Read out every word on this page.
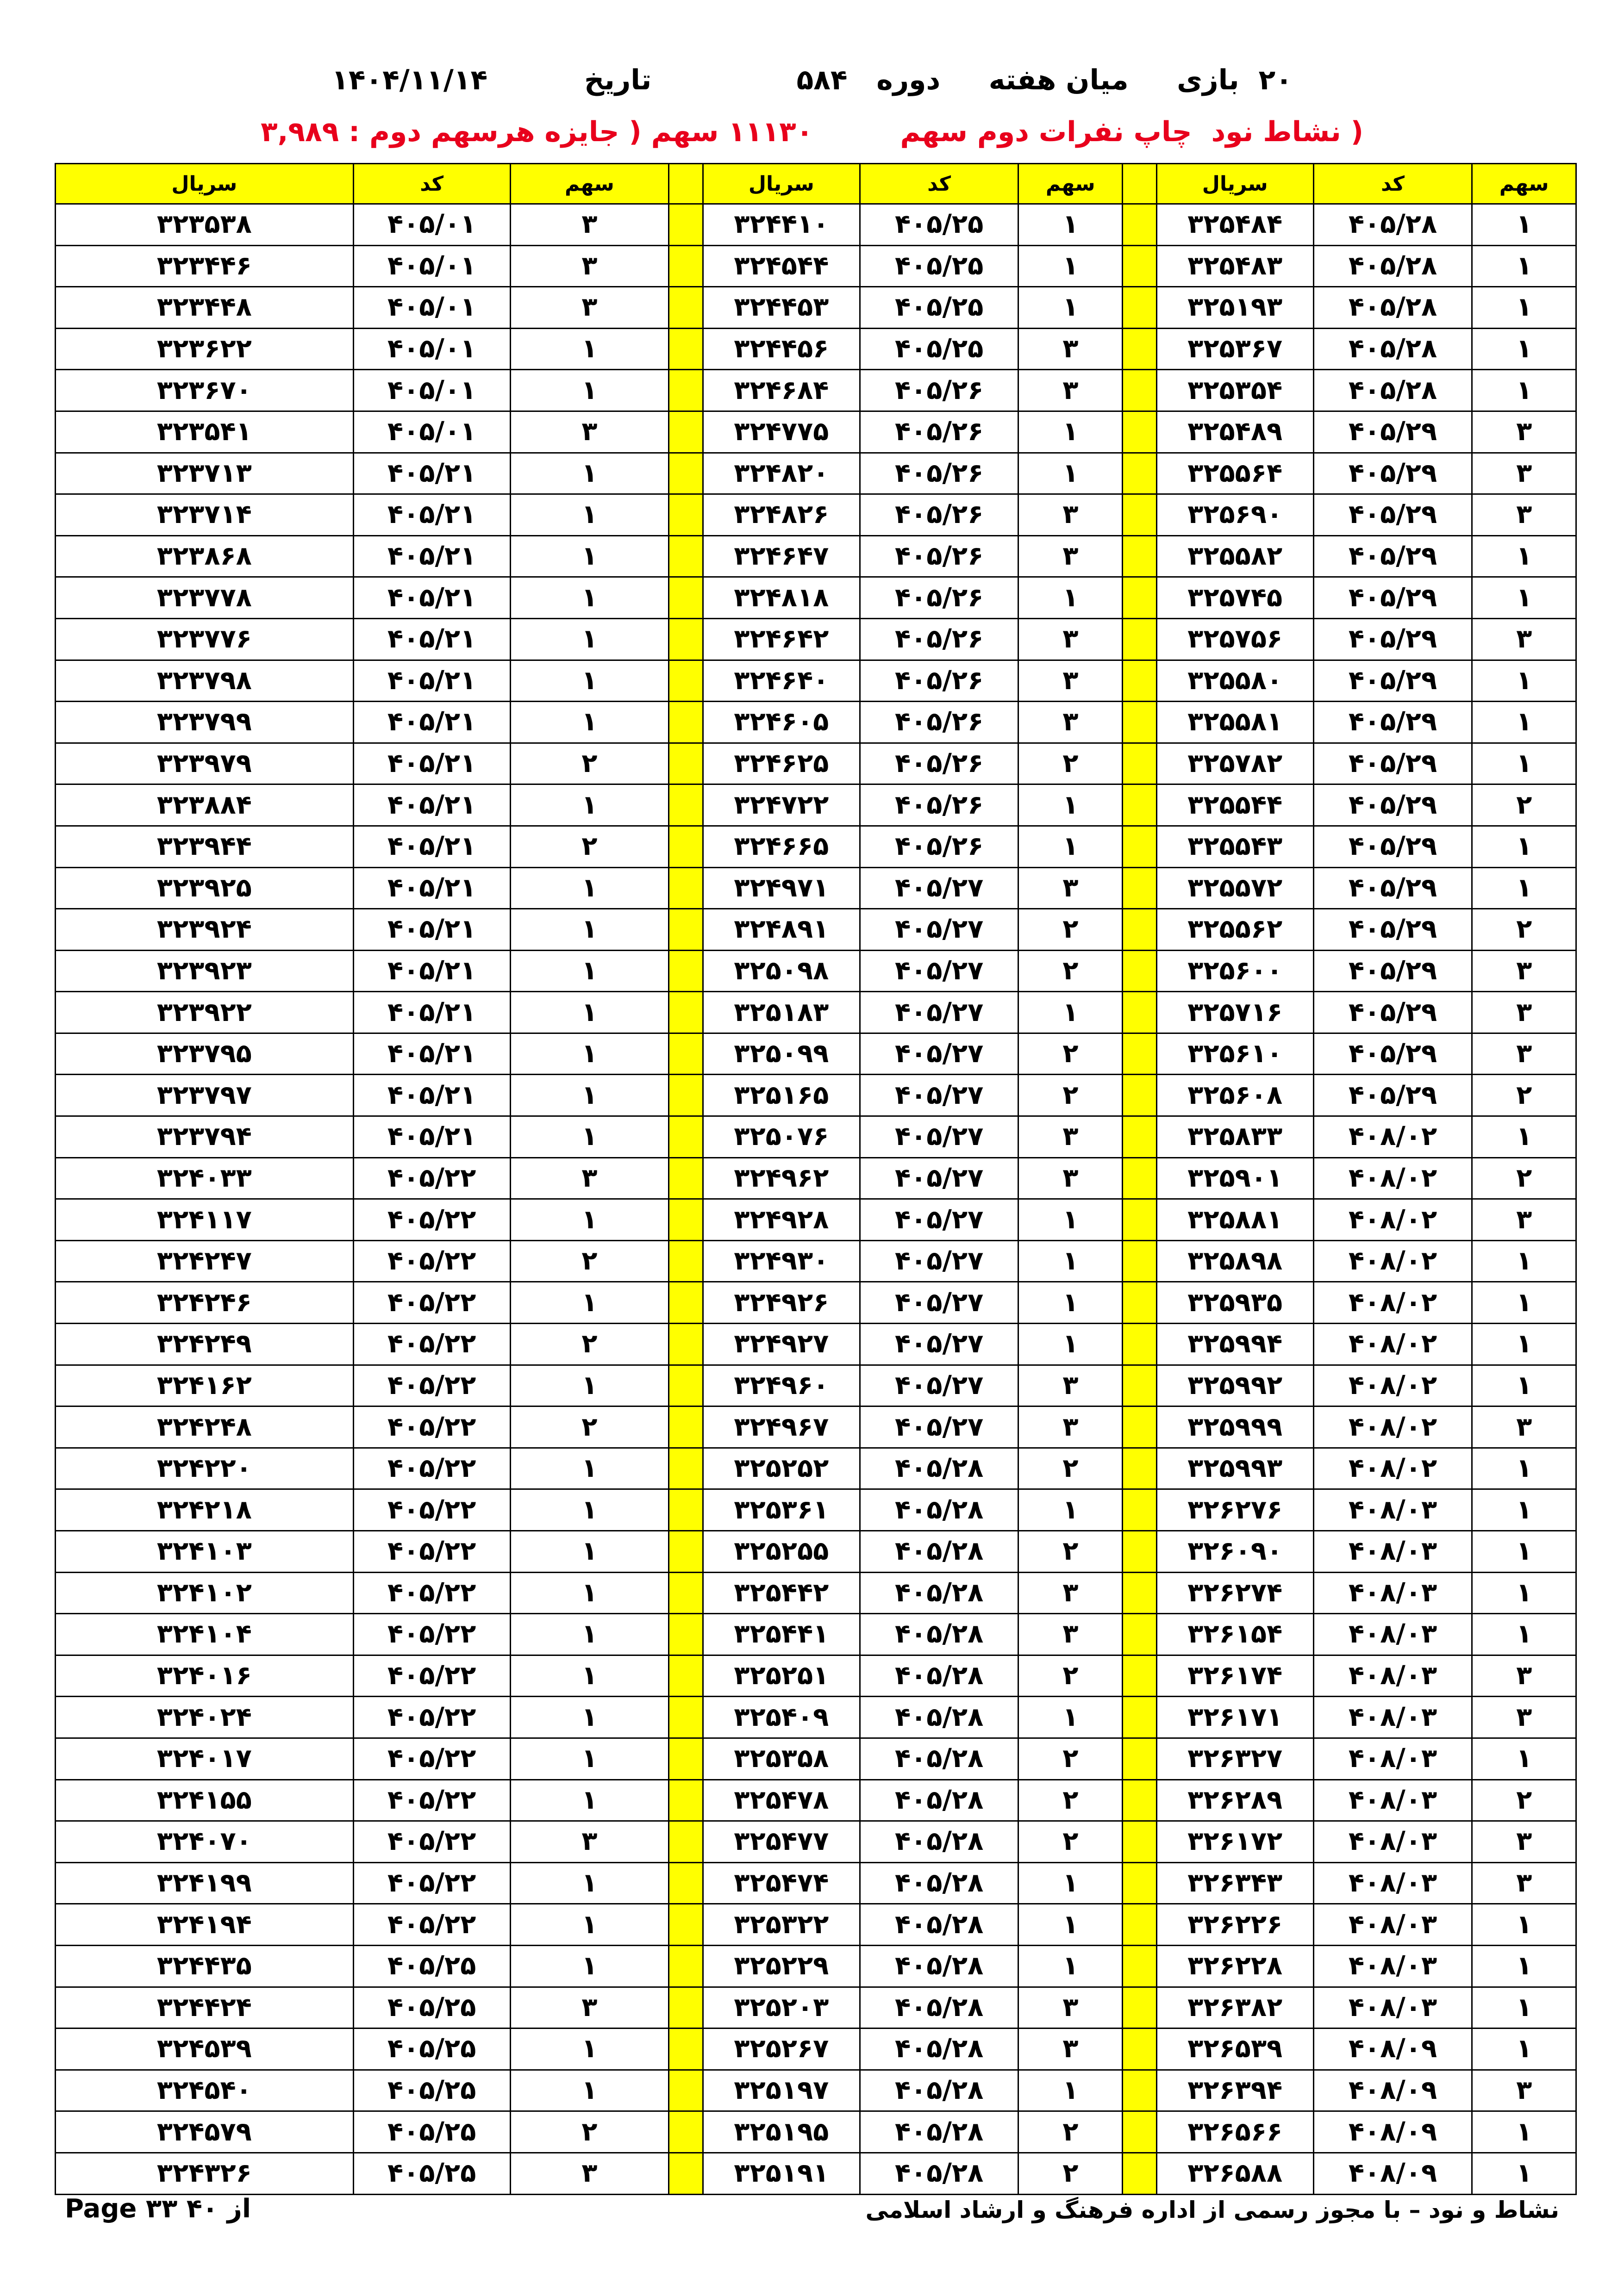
۲۰  بازی     میان هفته     دوره   ۵۸۴               تاریخ          ۱۴۰۴/۱۱/۱۴
( نشاط نود  چاپ نفرات دوم سهم         ۱۱۱۳۰ سهم ( جایزه هرسهم دوم : ۳,۹۸۹
سهم	کد	سریال		سهم	کد	سریال		سهم	کد	سریال
۱	۴۰۵/۲۸	۳۲۵۴۸۴		۱	۴۰۵/۲۵	۳۲۴۴۱۰		۳	۴۰۵/۰۱	۳۲۳۵۳۸
۱	۴۰۵/۲۸	۳۲۵۴۸۳		۱	۴۰۵/۲۵	۳۲۴۵۴۴		۳	۴۰۵/۰۱	۳۲۳۴۴۶
۱	۴۰۵/۲۸	۳۲۵۱۹۳		۱	۴۰۵/۲۵	۳۲۴۴۵۳		۳	۴۰۵/۰۱	۳۲۳۴۴۸
۱	۴۰۵/۲۸	۳۲۵۳۶۷		۳	۴۰۵/۲۵	۳۲۴۴۵۶		۱	۴۰۵/۰۱	۳۲۳۶۲۲
۱	۴۰۵/۲۸	۳۲۵۳۵۴		۳	۴۰۵/۲۶	۳۲۴۶۸۴		۱	۴۰۵/۰۱	۳۲۳۶۷۰
۳	۴۰۵/۲۹	۳۲۵۴۸۹		۱	۴۰۵/۲۶	۳۲۴۷۷۵		۳	۴۰۵/۰۱	۳۲۳۵۴۱
۳	۴۰۵/۲۹	۳۲۵۵۶۴		۱	۴۰۵/۲۶	۳۲۴۸۲۰		۱	۴۰۵/۲۱	۳۲۳۷۱۳
۳	۴۰۵/۲۹	۳۲۵۶۹۰		۳	۴۰۵/۲۶	۳۲۴۸۲۶		۱	۴۰۵/۲۱	۳۲۳۷۱۴
۱	۴۰۵/۲۹	۳۲۵۵۸۲		۳	۴۰۵/۲۶	۳۲۴۶۴۷		۱	۴۰۵/۲۱	۳۲۳۸۶۸
۱	۴۰۵/۲۹	۳۲۵۷۴۵		۱	۴۰۵/۲۶	۳۲۴۸۱۸		۱	۴۰۵/۲۱	۳۲۳۷۷۸
۳	۴۰۵/۲۹	۳۲۵۷۵۶		۳	۴۰۵/۲۶	۳۲۴۶۴۲		۱	۴۰۵/۲۱	۳۲۳۷۷۶
۱	۴۰۵/۲۹	۳۲۵۵۸۰		۳	۴۰۵/۲۶	۳۲۴۶۴۰		۱	۴۰۵/۲۱	۳۲۳۷۹۸
۱	۴۰۵/۲۹	۳۲۵۵۸۱		۳	۴۰۵/۲۶	۳۲۴۶۰۵		۱	۴۰۵/۲۱	۳۲۳۷۹۹
۱	۴۰۵/۲۹	۳۲۵۷۸۲		۲	۴۰۵/۲۶	۳۲۴۶۲۵		۲	۴۰۵/۲۱	۳۲۳۹۷۹
۲	۴۰۵/۲۹	۳۲۵۵۴۴		۱	۴۰۵/۲۶	۳۲۴۷۲۲		۱	۴۰۵/۲۱	۳۲۳۸۸۴
۱	۴۰۵/۲۹	۳۲۵۵۴۳		۱	۴۰۵/۲۶	۳۲۴۶۶۵		۲	۴۰۵/۲۱	۳۲۳۹۴۴
۱	۴۰۵/۲۹	۳۲۵۵۷۲		۳	۴۰۵/۲۷	۳۲۴۹۷۱		۱	۴۰۵/۲۱	۳۲۳۹۲۵
۲	۴۰۵/۲۹	۳۲۵۵۶۲		۲	۴۰۵/۲۷	۳۲۴۸۹۱		۱	۴۰۵/۲۱	۳۲۳۹۲۴
۳	۴۰۵/۲۹	۳۲۵۶۰۰		۲	۴۰۵/۲۷	۳۲۵۰۹۸		۱	۴۰۵/۲۱	۳۲۳۹۲۳
۳	۴۰۵/۲۹	۳۲۵۷۱۶		۱	۴۰۵/۲۷	۳۲۵۱۸۳		۱	۴۰۵/۲۱	۳۲۳۹۲۲
۳	۴۰۵/۲۹	۳۲۵۶۱۰		۲	۴۰۵/۲۷	۳۲۵۰۹۹		۱	۴۰۵/۲۱	۳۲۳۷۹۵
۲	۴۰۵/۲۹	۳۲۵۶۰۸		۲	۴۰۵/۲۷	۳۲۵۱۶۵		۱	۴۰۵/۲۱	۳۲۳۷۹۷
۱	۴۰۸/۰۲	۳۲۵۸۳۳		۳	۴۰۵/۲۷	۳۲۵۰۷۶		۱	۴۰۵/۲۱	۳۲۳۷۹۴
۲	۴۰۸/۰۲	۳۲۵۹۰۱		۳	۴۰۵/۲۷	۳۲۴۹۶۲		۳	۴۰۵/۲۲	۳۲۴۰۳۳
۳	۴۰۸/۰۲	۳۲۵۸۸۱		۱	۴۰۵/۲۷	۳۲۴۹۲۸		۱	۴۰۵/۲۲	۳۲۴۱۱۷
۱	۴۰۸/۰۲	۳۲۵۸۹۸		۱	۴۰۵/۲۷	۳۲۴۹۳۰		۲	۴۰۵/۲۲	۳۲۴۲۴۷
۱	۴۰۸/۰۲	۳۲۵۹۳۵		۱	۴۰۵/۲۷	۳۲۴۹۲۶		۱	۴۰۵/۲۲	۳۲۴۲۴۶
۱	۴۰۸/۰۲	۳۲۵۹۹۴		۱	۴۰۵/۲۷	۳۲۴۹۲۷		۲	۴۰۵/۲۲	۳۲۴۲۴۹
۱	۴۰۸/۰۲	۳۲۵۹۹۲		۳	۴۰۵/۲۷	۳۲۴۹۶۰		۱	۴۰۵/۲۲	۳۲۴۱۶۲
۳	۴۰۸/۰۲	۳۲۵۹۹۹		۳	۴۰۵/۲۷	۳۲۴۹۶۷		۲	۴۰۵/۲۲	۳۲۴۲۴۸
۱	۴۰۸/۰۲	۳۲۵۹۹۳		۲	۴۰۵/۲۸	۳۲۵۲۵۲		۱	۴۰۵/۲۲	۳۲۴۲۲۰
۱	۴۰۸/۰۳	۳۲۶۲۷۶		۱	۴۰۵/۲۸	۳۲۵۳۶۱		۱	۴۰۵/۲۲	۳۲۴۲۱۸
۱	۴۰۸/۰۳	۳۲۶۰۹۰		۲	۴۰۵/۲۸	۳۲۵۲۵۵		۱	۴۰۵/۲۲	۳۲۴۱۰۳
۱	۴۰۸/۰۳	۳۲۶۲۷۴		۳	۴۰۵/۲۸	۳۲۵۴۴۲		۱	۴۰۵/۲۲	۳۲۴۱۰۲
۱	۴۰۸/۰۳	۳۲۶۱۵۴		۳	۴۰۵/۲۸	۳۲۵۴۴۱		۱	۴۰۵/۲۲	۳۲۴۱۰۴
۳	۴۰۸/۰۳	۳۲۶۱۷۴		۲	۴۰۵/۲۸	۳۲۵۲۵۱		۱	۴۰۵/۲۲	۳۲۴۰۱۶
۳	۴۰۸/۰۳	۳۲۶۱۷۱		۱	۴۰۵/۲۸	۳۲۵۴۰۹		۱	۴۰۵/۲۲	۳۲۴۰۲۴
۱	۴۰۸/۰۳	۳۲۶۳۲۷		۲	۴۰۵/۲۸	۳۲۵۳۵۸		۱	۴۰۵/۲۲	۳۲۴۰۱۷
۲	۴۰۸/۰۳	۳۲۶۲۸۹		۲	۴۰۵/۲۸	۳۲۵۴۷۸		۱	۴۰۵/۲۲	۳۲۴۱۵۵
۳	۴۰۸/۰۳	۳۲۶۱۷۲		۲	۴۰۵/۲۸	۳۲۵۴۷۷		۳	۴۰۵/۲۲	۳۲۴۰۷۰
۳	۴۰۸/۰۳	۳۲۶۳۴۳		۱	۴۰۵/۲۸	۳۲۵۴۷۴		۱	۴۰۵/۲۲	۳۲۴۱۹۹
۱	۴۰۸/۰۳	۳۲۶۲۲۶		۱	۴۰۵/۲۸	۳۲۵۳۲۲		۱	۴۰۵/۲۲	۳۲۴۱۹۴
۱	۴۰۸/۰۳	۳۲۶۲۲۸		۱	۴۰۵/۲۸	۳۲۵۲۲۹		۱	۴۰۵/۲۵	۳۲۴۴۳۵
۱	۴۰۸/۰۳	۳۲۶۳۸۲		۳	۴۰۵/۲۸	۳۲۵۲۰۳		۳	۴۰۵/۲۵	۳۲۴۴۲۴
۱	۴۰۸/۰۹	۳۲۶۵۳۹		۳	۴۰۵/۲۸	۳۲۵۲۶۷		۱	۴۰۵/۲۵	۳۲۴۵۳۹
۳	۴۰۸/۰۹	۳۲۶۳۹۴		۱	۴۰۵/۲۸	۳۲۵۱۹۷		۱	۴۰۵/۲۵	۳۲۴۵۴۰
۱	۴۰۸/۰۹	۳۲۶۵۶۶		۲	۴۰۵/۲۸	۳۲۵۱۹۵		۲	۴۰۵/۲۵	۳۲۴۵۷۹
۱	۴۰۸/۰۹	۳۲۶۵۸۸		۲	۴۰۵/۲۸	۳۲۵۱۹۱		۳	۴۰۵/۲۵	۳۲۴۳۲۶
نشاط و نود – با مجوز رسمی از اداره فرهنگ و ارشاد اسلامی
Page ۳۳ از ۴۰
